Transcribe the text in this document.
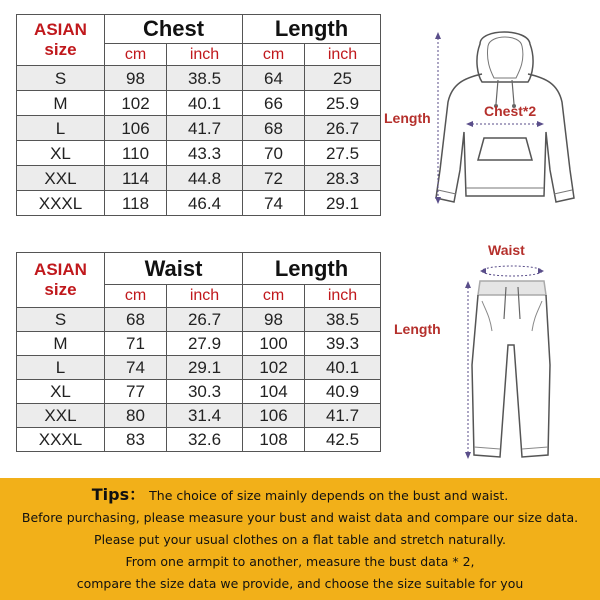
ASIAN
size	Chest		Length	
	cm	inch	cm	inch
S	98	38.5	64	25
M	102	40.1	66	25.9
L	106	41.7	68	26.7
XL	110	43.3	70	27.5
XXL	114	44.8	72	28.3
XXXL	118	46.4	74	29.1
Length	Chest*2
ASIAN
size	Waist		Length	
	cm	inch	cm	inch
S	68	26.7	98	38.5
M	71	27.9	100	39.3
L	74	29.1	102	40.1
XL	77	30.3	104	40.9
XXL	80	31.4	106	41.7
XXXL	83	32.6	108	42.5
Waist
Length
Tips： The choice of size mainly depends on the bust and waist.
Before purchasing, please measure your bust and waist data and compare our size data.
Please put your usual clothes on a flat table and stretch naturally.
From one armpit to another, measure the bust data * 2,
compare the size data we provide, and choose the size suitable for you
